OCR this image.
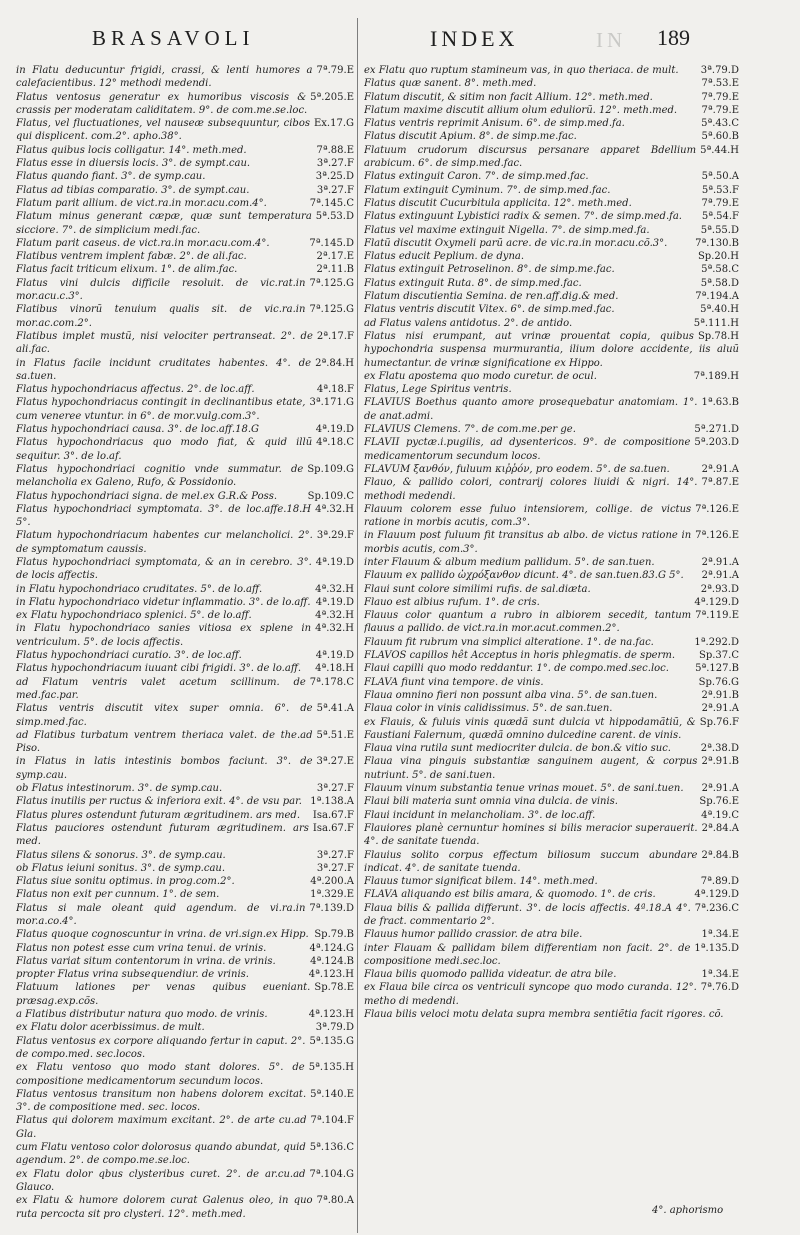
BRASAVOLI	INDEX	IN 189

7ª.79.E
in Flatu deducuntur frigidi, crassi, & lenti humores a calefacientibus. 12° methodi medendi.

5ª.205.E
Flatus ventosus generatur ex humoribus viscosis & crassis per moderatam caliditatem. 9°. de com.me.se.loc.

Ex.17.G
Flatus, vel fluctuationes, vel nauseæ subsequuntur, cibos qui displicent. com.2°. apho.38°.

7ª.88.E
Flatus quibus locis colligatur. 14°. meth.med.

3ª.27.F
Flatus esse in diuersis locis. 3°. de sympt.cau.

3ª.25.D
Flatus quando fiant. 3°. de symp.cau.

3ª.27.F
Flatus ad tibias comparatio. 3°. de sympt.cau.

7ª.145.C
Flatum parit allium. de vict.ra.in mor.acu.com.4°.

5ª.53.D
Flatum minus generant cæpæ, quæ sunt temperatura sicciore. 7°. de simplicium medi.fac.

7ª.145.D
Flatum parit caseus. de vict.ra.in mor.acu.com.4°.

2ª.17.E
Flatibus ventrem implent fabæ. 2°. de ali.fac.

2ª.11.B
Flatus facit triticum elixum. 1°. de alim.fac.

7ª.125.G
Flatus vini dulcis difficile resoluit. de vic.rat.in mor.acu.c.3°.

7ª.125.G
Flatibus vinorũ tenuium qualis sit. de vic.ra.in mor.ac.com.2°.

2ª.17.F
Flatibus implet mustũ, nisi velociter pertranseat. 2°. de ali.fac.

2ª.84.H
in Flatus facile incidunt cruditates habentes. 4°. de sa.tuen.

4ª.18.F
Flatus hypochondriacus affectus. 2°. de loc.aff.

3ª.171.G
Flatus hypochondriacus contingit in declinantibus etate, cum veneree vtuntur. in 6°. de mor.vulg.com.3°.

4ª.19.D
Flatus hypochondriaci causa. 3°. de loc.aff.18.G

4ª.18.C
Flatus hypochondriacus quo modo fiat, & quid illũ sequitur. 3°. de lo.af.

Sp.109.G
Flatus hypochondriaci cognitio vnde summatur. de melancholia ex Galeno, Rufo, & Possidonio.

Sp.109.C
Flatus hypochondriaci signa. de mel.ex G.R.& Poss.

4ª.32.H
Flatus hypochondriaci symptomata. 3°. de loc.affe.18.H 5°.

3ª.29.F
Flatum hypochondriacum habentes cur melancholici. 2°. de symptomatum caussis.

4ª.19.D
Flatus hypochondriaci symptomata, & an in cerebro. 3°. de locis affectis.

4ª.32.H
in Flatu hypochondriaco cruditates. 5°. de lo.aff.

4ª.19.D
in Flatu hypochondriaco videtur inflammatio. 3°. de lo.aff.

4ª.32.H
ex Flatu hypochondriaco splenici. 5°. de lo.aff.

4ª.32.H
in Flatu hypochondriaco sanies vitiosa ex splene in ventriculum. 5°. de locis affectis.

4ª.19.D
Flatus hypochondriaci curatio. 3°. de loc.aff.

4ª.18.H
Flatus hypochondriacum iuuant cibi frigidi. 3°. de lo.aff.

7ª.178.C
ad Flatum ventris valet acetum scillinum. de med.fac.par.

5ª.41.A
Flatus ventris discutit vitex super omnia. 6°. de simp.med.fac.

5ª.51.E
ad Flatibus turbatum ventrem theriaca valet. de the.ad Piso.

3ª.27.E
in Flatus in latis intestinis bombos faciunt. 3°. de symp.cau.

3ª.27.F
ob Flatus intestinorum. 3°. de symp.cau.

1ª.138.A
Flatus inutilis per ructus & inferiora exit. 4°. de vsu par.

Isa.67.F
Flatus plures ostendunt futuram ægritudinem. ars med.

Isa.67.F
Flatus pauciores ostendunt futuram ægritudinem. ars med.

3ª.27.F
Flatus silens & sonorus. 3°. de symp.cau.

3ª.27.F
ob Flatus ieiuni sonitus. 3°. de symp.cau.

4ª.200.A
Flatus siue sonitu optimus. in prog.com.2°.

1ª.329.E
Flatus non exit per cunnum. 1°. de sem.

7ª.139.D
Flatus si male oleant quid agendum. de vi.ra.in mor.a.co.4°.

Sp.79.B
Flatus quoque cognoscuntur in vrina. de vri.sign.ex Hipp.

4ª.124.G
Flatus non potest esse cum vrina tenui. de vrinis.

4ª.124.B
Flatus variat situm contentorum in vrina. de vrinis.

4ª.123.H
propter Flatus vrina subsequendiur. de vrinis.

Sp.78.E
Flatuum lationes per venas quibus eueniant. præsag.exp.cõs.

4ª.123.H
a Flatibus distributur natura quo modo. de vrinis.

3ª.79.D
ex Flatu dolor acerbissimus. de mult.

5ª.135.G
Flatus ventosus ex corpore aliquando fertur in caput. 2°. de compo.med. sec.locos.

5ª.135.H
ex Flatu ventoso quo modo stant dolores. 5°. de compositione medicamentorum secundum locos.

5ª.140.E
Flatus ventosus transitum non habens dolorem excitat. 3°. de compositione med. sec. locos.

7ª.104.F
Flatus qui dolorem maximum excitant. 2°. de arte cu.ad Gla.

5ª.136.C
cum Flatu ventoso color dolorosus quando abundat, quid agendum. 2°. de compo.me.se.loc.

7ª.104.G
ex Flatu dolor qbus clysteribus curet. 2°. de ar.cu.ad Glauco.

7ª.80.A
ex Flatu & humore dolorem curat Galenus oleo, in quo ruta percocta sit pro clysteri. 12°. meth.med.

3ª.79.D
ex Flatu quo ruptum stamineum vas, in quo theriaca. de mult.

7ª.53.E
Flatus quæ sanent. 8°. meth.med.

7ª.79.E
Flatum discutit, & sitim non facit Allium. 12°. meth.med.

7ª.79.E
Flatum maxime discutit allium olum eduliorũ. 12°. meth.med.

5ª.43.C
Flatus ventris reprimit Anisum. 6°. de simp.med.fa.

5ª.60.B
Flatus discutit Apium. 8°. de simp.me.fac.

5ª.44.H
Flatuum crudorum discursus persanare apparet Bdellium arabicum. 6°. de simp.med.fac.

5ª.50.A
Flatus extinguit Caron. 7°. de simp.med.fac.

5ª.53.F
Flatum extinguit Cyminum. 7°. de simp.med.fac.

7ª.79.E
Flatus discutit Cucurbitula applicita. 12°. meth.med.

5ª.54.F
Flatus extinguunt Lybistici radix & semen. 7°. de simp.med.fa.

5ª.55.D
Flatus vel maxime extinguit Nigella. 7°. de simp.med.fa.

7ª.130.B
Flatũ discutit Oxymeli parũ acre. de vic.ra.in mor.acu.cõ.3°.

Sp.20.H
Flatus educit Peplium. de dyna.

5ª.58.C
Flatus extinguit Petroselinon. 8°. de simp.me.fac.

5ª.58.D
Flatus extinguit Ruta. 8°. de simp.med.fac.

7ª.194.A
Flatum discutientia Semina. de ren.aff.dig.& med.

5ª.40.H
Flatus ventris discutit Vitex. 6°. de simp.med.fac.

5ª.111.H
ad Flatus valens antidotus. 2°. de antido.

Sp.78.H
Flatus nisi erumpant, aut vrinæ prouentat copia, quibus hypochondria suspensa murmurantia, ilium dolore accidente, iis aluũ humectantur. de vrinæ significatione ex Hippo.

7ª.189.H
ex Flatu apostema quo modo curetur. de ocul.

Flatus, Lege Spiritus ventris.

1ª.63.B
FLAVIUS Boethus quanto amore prosequebatur anatomiam. 1°. de anat.admi.

5ª.271.D
FLAVIUS Clemens. 7°. de com.me.per ge.

5ª.203.D
FLAVII pyctæ.i.pugilis, ad dysentericos. 9°. de compositione medicamentorum secundum locos.

2ª.91.A
FLAVUM ξανθόν, fuluum κιῤῥόν, pro eodem. 5°. de sa.tuen.

7ª.87.E
Flauo, & pallido colori, contrarij colores liuidi & nigri. 14°. methodi medendi.

7ª.126.E
Flauum colorem esse fuluo intensiorem, collige. de victus ratione in morbis acutis, com.3°.

7ª.126.E
in Flauum post fuluum fit transitus ab albo. de victus ratione in morbis acutis, com.3°.

2ª.91.A
inter Flauum & album medium pallidum. 5°. de san.tuen.

2ª.91.A
Flauum ex pallido ὠχρόξανθον dicunt. 4°. de san.tuen.83.G 5°.

2ª.93.D
Flaui sunt colore similimi rufis. de sal.diæta.

4ª.129.D
Flauo est albius rufum. 1°. de cris.

7ª.119.E
Flauus color quantum a rubro in albiorem secedit, tantum flauus a pallido. de vict.ra.in mor.acut.commen.2°.

1ª.292.D
Flauum fit rubrum vna simplici alteratione. 1°. de na.fac.

Sp.37.C
FLAVOS capillos hêt Acceptus in horis phlegmatis. de sperm.

5ª.127.B
Flaui capilli quo modo reddantur. 1°. de compo.med.sec.loc.

Sp.76.G
FLAVA fiunt vina tempore. de vinis.

2ª.91.B
Flaua omnino fieri non possunt alba vina. 5°. de san.tuen.

2ª.91.A
Flaua color in vinis calidissimus. 5°. de san.tuen.

Sp.76.F
ex Flauis, & fuluis vinis quædã sunt dulcia vt hippodamãtiũ, & Faustiani Falernum, quædã omnino dulcedine carent. de vinis.

2ª.38.D
Flaua vina rutila sunt mediocriter dulcia. de bon.& vitio suc.

2ª.91.B
Flaua vina pinguis substantiæ sanguinem augent, & corpus nutriunt. 5°. de sani.tuen.

2ª.91.A
Flauum vinum substantia tenue vrinas mouet. 5°. de sani.tuen.

Sp.76.E
Flaui bili materia sunt omnia vina dulcia. de vinis.

4ª.19.C
Flaui incidunt in melancholiam. 3°. de loc.aff.

2ª.84.A
Flauiores planè cernuntur homines si bilis meracior superauerit. 4°. de sanitate tuenda.

2ª.84.B
Flauius solito corpus effectum biliosum succum abundare indicat. 4°. de sanitate tuenda.

7ª.89.D
Flauus tumor significat bilem. 14°. meth.med.

4ª.129.D
FLAVA aliquando est bilis amara, & quomodo. 1°. de cris.

7ª.236.C
Flaua bilis & pallida differunt. 3°. de locis affectis. 4ª.18.A 4°. de fract. commentario 2°.

1ª.34.E
Flauus humor pallido crassior. de atra bile.

1ª.135.D
inter Flauam & pallidam bilem differentiam non facit. 2°. de compositione medi.sec.loc.

1ª.34.E
Flaua bilis quomodo pallida videatur. de atra bile.

7ª.76.D
ex Flaua bile circa os ventriculi syncope quo modo curanda. 12°. metho di medendi.

Flaua bilis veloci motu delata supra membra sentiẽtia facit rigores. cõ.

4°. aphorismo
